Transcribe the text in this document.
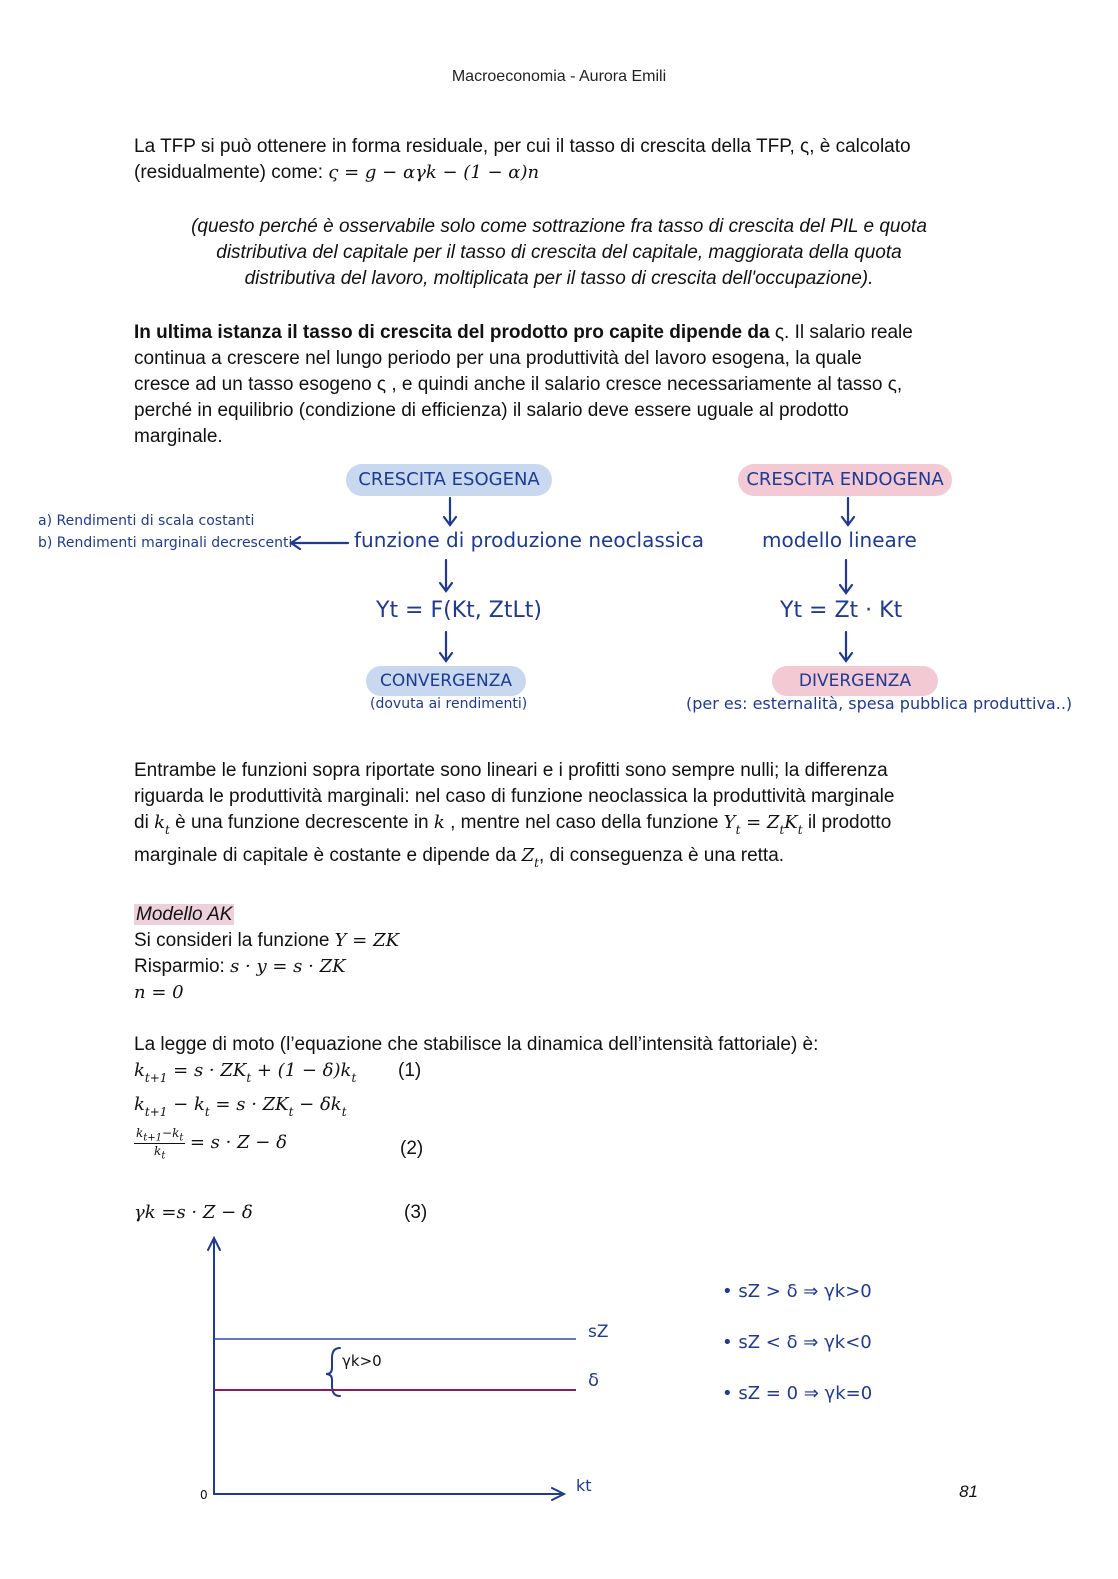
Macroeconomia - Aurora Emili
La TFP si può ottenere in forma residuale, per cui il tasso di crescita della TFP, ς, è calcolato
(residualmente) come: ς = g − αγk − (1 − α)n
(questo perché è osservabile solo come sottrazione fra tasso di crescita del PIL e quota
distributiva del capitale per il tasso di crescita del capitale, maggiorata della quota
distributiva del lavoro, moltiplicata per il tasso di crescita dell'occupazione).
In ultima istanza il tasso di crescita del prodotto pro capite dipende da ς. Il salario reale
continua a crescere nel lungo periodo per una produttività del lavoro esogena, la quale
cresce ad un tasso esogeno ς , e quindi anche il salario cresce necessariamente al tasso ς,
perché in equilibrio (condizione di efficienza) il salario deve essere uguale al prodotto
marginale.
CRESCITA ESOGENA	CRESCITA ENDOGENA
a) Rendimenti di scala costanti
b) Rendimenti marginali decrescenti	funzione di produzione neoclassica
Yt = F(Kt, ZtLt)
CONVERGENZA
(dovuta ai rendimenti)
modello lineare
Yt = Zt · Kt
DIVERGENZA
(per es: esternalità, spesa pubblica produttiva..)
Entrambe le funzioni sopra riportate sono lineari e i profitti sono sempre nulli; la differenza
riguarda le produttività marginali: nel caso di funzione neoclassica la produttività marginale
di $k_t$ è una funzione decrescente in k , mentre nel caso della funzione $Y_t = Z_tK_t$ il prodotto
marginale di capitale è costante e dipende da $Z_t$, di conseguenza è una retta.
Modello AK
Si consideri la funzione Y = ZK
Risparmio: s · y = s · ZK
n = 0
La legge di moto (l’equazione che stabilisce la dinamica dell’intensità fattoriale) è:
$k_{t+1} = s \cdot ZK_t + (1 - \delta)k_t$ (1)
$k_{t+1} - k_t = s \cdot ZK_t - \delta k_t$
$\frac{k_{t+1}-k_t}{k_t} = s \cdot Z - \delta$	(2)
γk =s · Z − δ	(3)
0	kt
sZ
δ
γk>0
• sZ > δ ⇒ γk>0
• sZ < δ ⇒ γk<0
• sZ = 0 ⇒ γk=0
81
